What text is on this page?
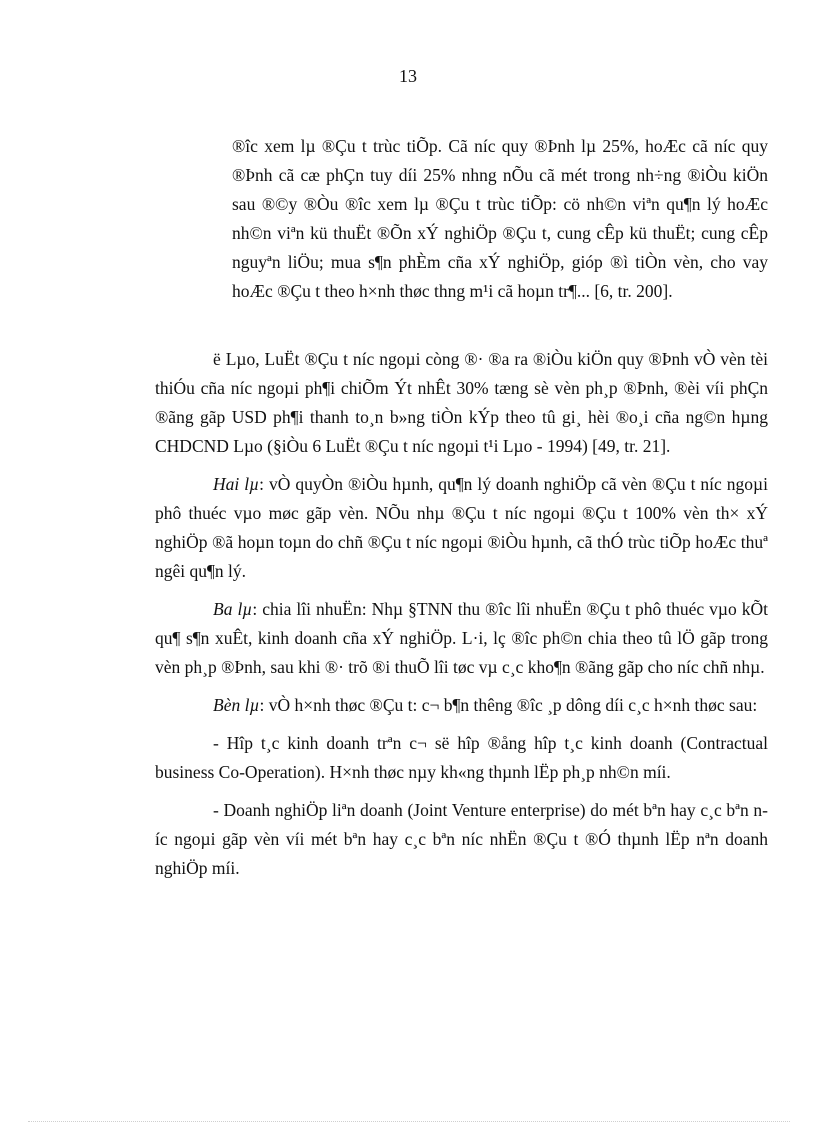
13
®îc xem lµ ®Çu t trùc tiÕp. Cã níc quy ®Þnh lµ 25%, hoÆc cã níc quy ®Þnh cã cæ phÇn tuy díi 25% nhng nÕu cã mét trong nh÷ng ®iÒu kiÖn sau ®©y ®Òu ®îc xem lµ ®Çu t trùc tiÕp: cö nh©n viªn qu¶n lý hoÆc nh©n viªn kü thuËt ®Õn xÝ nghiÖp ®Çu t, cung cÊp kü thuËt; cung cÊp nguyªn liÖu; mua s¶n phÈm cña xÝ nghiÖp, gióp ®ì tiÒn vèn, cho vay hoÆc ®Çu t theo h×nh thøc thng m¹i cã hoµn tr¶... [6, tr. 200].

ë Lµo, LuËt ®Çu t níc ngoµi còng ®· ®a ra ®iÒu kiÖn quy ®Þnh vÒ vèn tèi thiÓu cña níc ngoµi ph¶i chiÕm Ýt nhÊt 30% tæng sè vèn ph¸p ®Þnh, ®èi víi phÇn ®ãng gãp USD ph¶i thanh to¸n b»ng tiÒn kÝp theo tû gi¸ hèi ®o¸i cña ng©n hµng CHDCND Lµo (§iÒu 6 LuËt ®Çu t níc ngoµi t¹i Lµo - 1994) [49, tr. 21].

Hai lµ: vÒ quyÒn ®iÒu hµnh, qu¶n lý doanh nghiÖp cã vèn ®Çu t níc ngoµi phô thuéc vµo møc gãp vèn. NÕu nhµ ®Çu t níc ngoµi ®Çu t 100% vèn th× xÝ nghiÖp ®ã hoµn toµn do chñ ®Çu t níc ngoµi ®iÒu hµnh, cã thÓ trùc tiÕp hoÆc thuª ngêi qu¶n lý.

Ba lµ: chia lîi nhuËn: Nhµ §TNN thu ®îc lîi nhuËn ®Çu t phô thuéc vµo kÕt qu¶ s¶n xuÊt, kinh doanh cña xÝ nghiÖp. L·i, lç ®îc ph©n chia theo tû lÖ gãp trong vèn ph¸p ®Þnh, sau khi ®· trõ ®i thuÕ lîi tøc vµ c¸c kho¶n ®ãng gãp cho níc chñ nhµ.

Bèn lµ: vÒ h×nh thøc ®Çu t: c¬ b¶n thêng ®îc ¸p dông díi c¸c h×nh thøc sau:

- Hîp t¸c kinh doanh trªn c¬ së hîp ®ång hîp t¸c kinh doanh (Contractual business Co-Operation). H×nh thøc nµy kh«ng thµnh lËp ph¸p nh©n míi.

- Doanh nghiÖp liªn doanh (Joint Venture enterprise) do mét bªn hay c¸c bªn níc ngoµi gãp vèn víi mét bªn hay c¸c bªn níc nhËn ®Çu t ®Ó thµnh lËp nªn doanh nghiÖp míi.
